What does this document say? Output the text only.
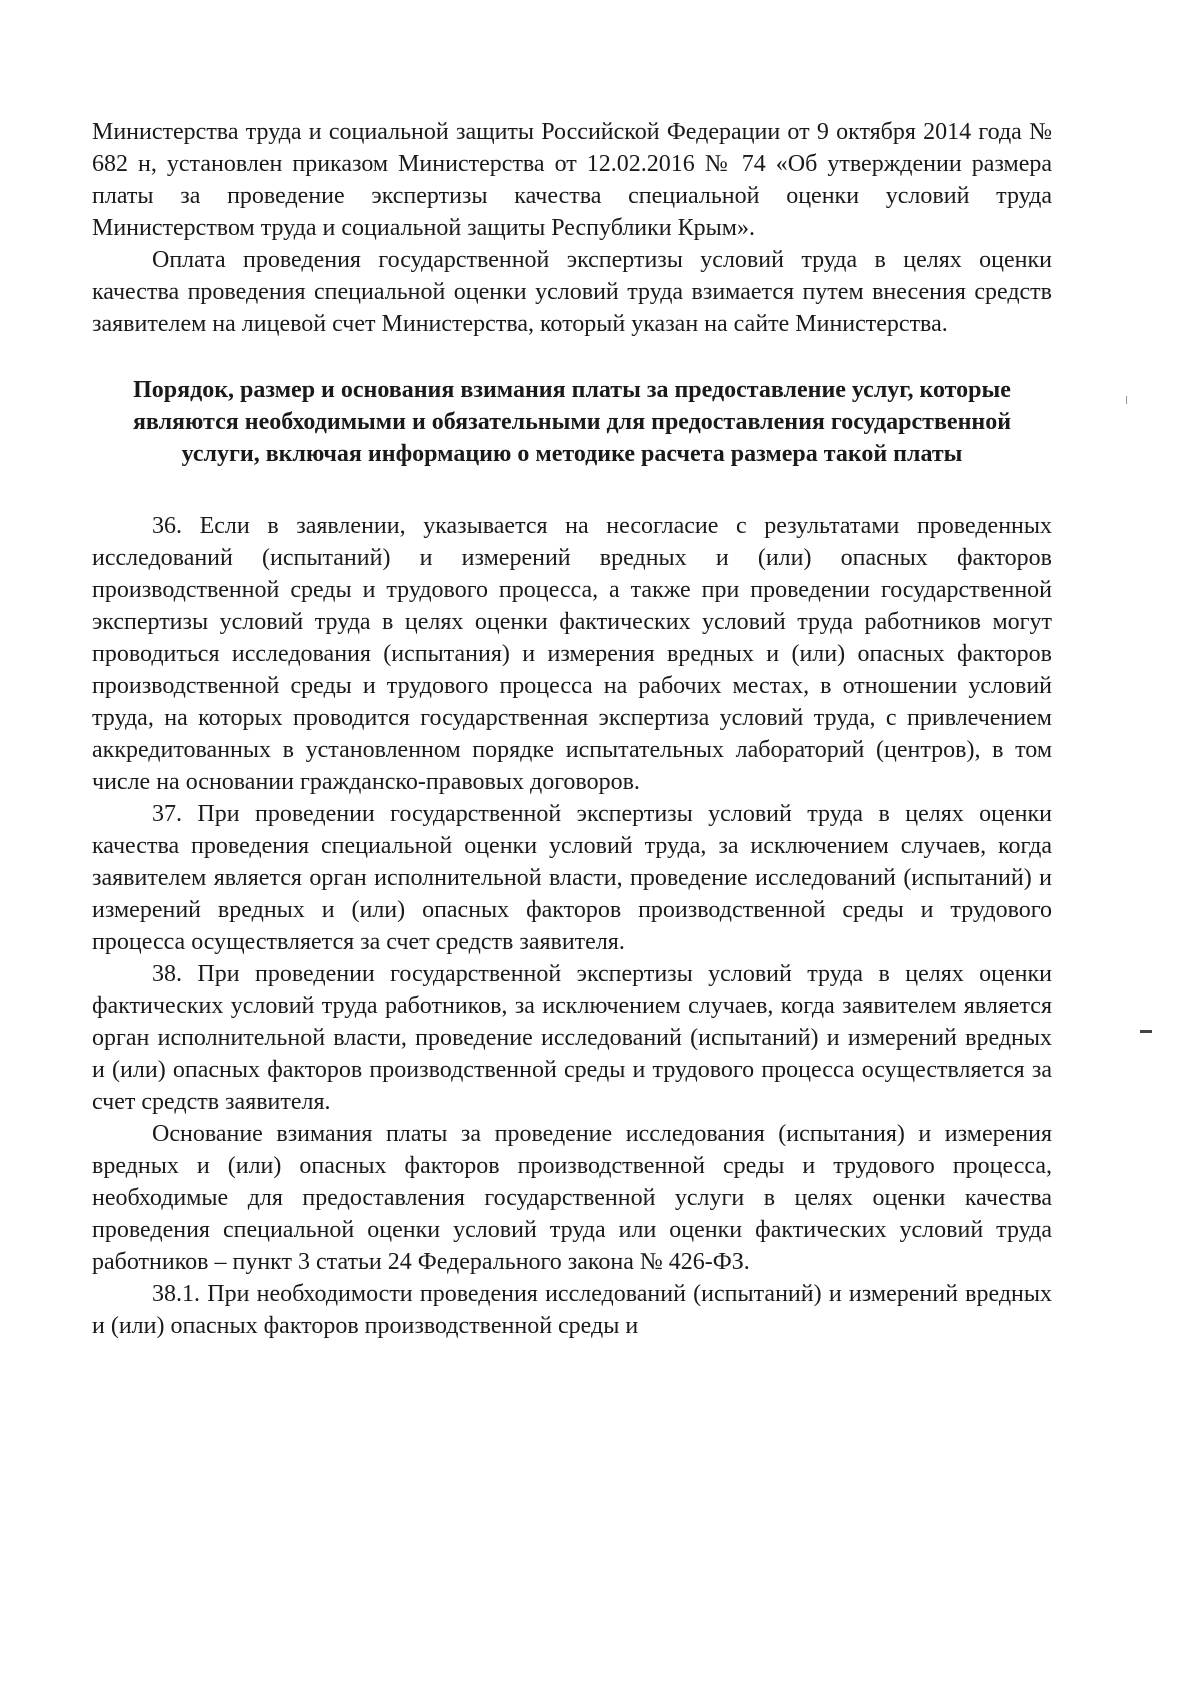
Министерства труда и социальной защиты Российской Федерации от 9 октября 2014 года № 682 н, установлен приказом Министерства от 12.02.2016 № 74 «Об утверждении размера платы за проведение экспертизы качества специальной оценки условий труда Министерством труда и социальной защиты Республики Крым».

Оплата проведения государственной экспертизы условий труда в целях оценки качества проведения специальной оценки условий труда взимается путем внесения средств заявителем на лицевой счет Министерства, который указан на сайте Министерства.

Порядок, размер и основания взимания платы за предоставление услуг, которые являются необходимыми и обязательными для предоставления государственной услуги, включая информацию о методике расчета размера такой платы

36. Если в заявлении, указывается на несогласие с результатами проведенных исследований (испытаний) и измерений вредных и (или) опасных факторов производственной среды и трудового процесса, а также при проведении государственной экспертизы условий труда в целях оценки фактических условий труда работников могут проводиться исследования (испытания) и измерения вредных и (или) опасных факторов производственной среды и трудового процесса на рабочих местах, в отношении условий труда, на которых проводится государственная экспертиза условий труда, с привлечением аккредитованных в установленном порядке испытательных лабораторий (центров), в том числе на основании гражданско-правовых договоров.

37. При проведении государственной экспертизы условий труда в целях оценки качества проведения специальной оценки условий труда, за исключением случаев, когда заявителем является орган исполнительной власти, проведение исследований (испытаний) и измерений вредных и (или) опасных факторов производственной среды и трудового процесса осуществляется за счет средств заявителя.

38. При проведении государственной экспертизы условий труда в целях оценки фактических условий труда работников, за исключением случаев, когда заявителем является орган исполнительной власти, проведение исследований (испытаний) и измерений вредных и (или) опасных факторов производственной среды и трудового процесса осуществляется за счет средств заявителя.

Основание взимания платы за проведение исследования (испытания) и измерения вредных и (или) опасных факторов производственной среды и трудового процесса, необходимые для предоставления государственной услуги в целях оценки качества проведения специальной оценки условий труда или оценки фактических условий труда работников – пункт 3 статьи 24 Федерального закона № 426-ФЗ.

38.1. При необходимости проведения исследований (испытаний) и измерений вредных и (или) опасных факторов производственной среды и
